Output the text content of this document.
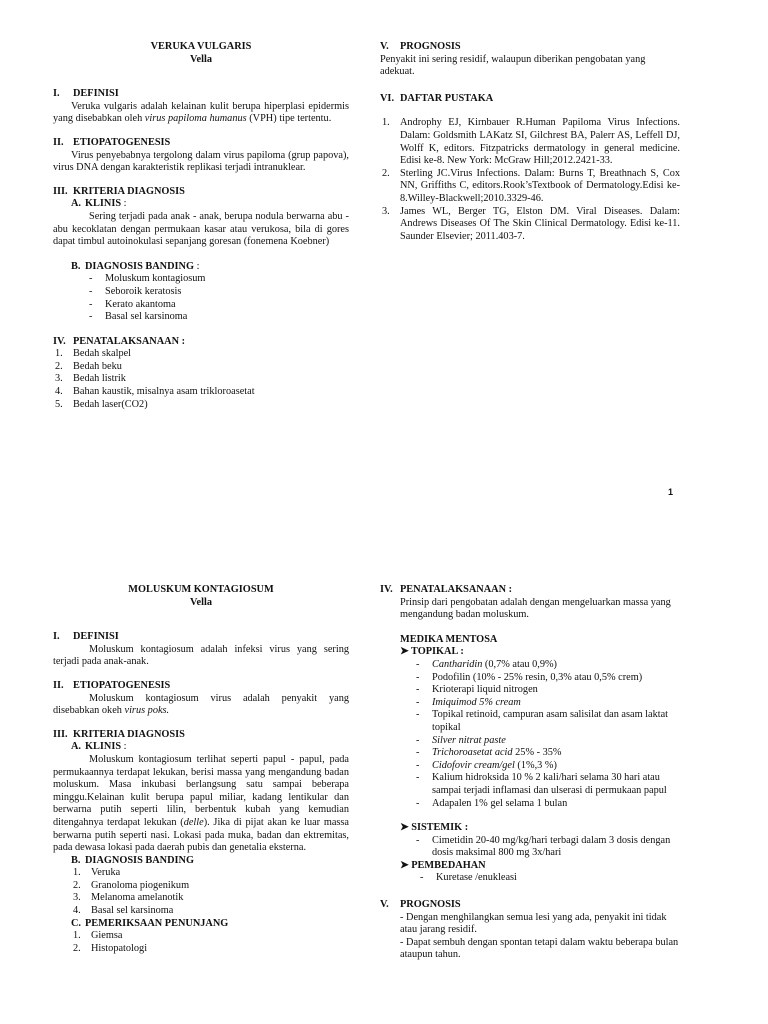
VERUKA VULGARIS
Vella
I. DEFINISI
Veruka vulgaris adalah kelainan kulit berupa hiperplasi epidermis yang disebabkan oleh virus papiloma humanus (VPH) tipe tertentu.
II. ETIOPATOGENESIS
Virus penyebabnya tergolong dalam virus papiloma (grup papova), virus DNA dengan karakteristik replikasi terjadi intranuklear.
III. KRITERIA DIAGNOSIS
A. KLINIS :
Sering terjadi pada anak - anak, berupa nodula berwarna abu - abu kecoklatan dengan permukaan kasar atau verukosa, bila di gores dapat timbul autoinokulasi sepanjang goresan (fonemena Koebner)
B. DIAGNOSIS BANDING :
- Moluskum kontagiosum
- Seboroik keratosis
- Kerato akantoma
- Basal sel karsinoma
IV. PENATALAKSANAAN :
1. Bedah skalpel
2. Bedah beku
3. Bedah listrik
4. Bahan kaustik, misalnya asam trikloroasetat
5. Bedah laser(CO2)
V. PROGNOSIS
Penyakit ini sering residif, walaupun diberikan pengobatan yang adekuat.
VI. DAFTAR PUSTAKA
1. Androphy EJ, Kirnbauer R.Human Papiloma Virus Infections. Dalam: Goldsmith LAKatz SI, Gilchrest BA, Palerr AS, Leffell DJ, Wolff K, editors. Fitzpatricks dermatology in general medicine. Edisi ke-8. New York: McGraw Hill;2012.2421-33.
2. Sterling JC.Virus Infections. Dalam: Burns T, Breathnach S, Cox NN, Griffiths C, editors.Rook’sTextbook of Dermatology.Edisi ke-8.Willey-Blackwell;2010.3329-46.
3. James WL, Berger TG, Elston DM. Viral Diseases. Dalam: Andrews Diseases Of The Skin Clinical Dermatology. Edisi ke-11. Saunder Elsevier; 2011.403-7.
1
MOLUSKUM KONTAGIOSUM
Vella
I. DEFINISI
Moluskum kontagiosum adalah infeksi virus yang sering terjadi pada anak-anak.
II. ETIOPATOGENESIS
Moluskum kontagiosum virus adalah penyakit yang disebabkan okeh virus poks.
III. KRITERIA DIAGNOSIS
A. KLINIS :
Moluskum kontagiosum terlihat seperti papul - papul, pada permukaannya terdapat lekukan, berisi massa yang mengandung badan moluskum. Masa inkubasi berlangsung satu sampai beberapa minggu.Kelainan kulit berupa papul miliar, kadang lentikular dan berwarna putih seperti lilin, berbentuk kubah yang kemudian ditengahnya terdapat lekukan (delle). Jika di pijat akan ke luar massa berwarna putih seperti nasi. Lokasi pada muka, badan dan ektremitas, pada dewasa lokasi pada daerah pubis dan genetalia eksterna.
B. DIAGNOSIS BANDING
1. Veruka
2. Granoloma piogenikum
3. Melanoma amelanotik
4. Basal sel karsinoma
C. PEMERIKSAAN PENUNJANG
1. Giemsa
2. Histopatologi
IV. PENATALAKSANAAN :
Prinsip dari pengobatan adalah dengan mengeluarkan massa yang mengandung badan moluskum.
MEDIKA MENTOSA
➤ TOPIKAL :
- Cantharidin (0,7% atau 0,9%)
- Podofilin (10% - 25% resin, 0,3% atau 0,5% crem)
- Krioterapi liquid nitrogen
- Imiquimod 5% cream
- Topikal retinoid, campuran asam salisilat dan asam laktat topikal
- Silver nitrat paste
- Trichoroasetat acid 25% - 35%
- Cidofovir cream/gel (1%,3 %)
- Kalium hidroksida 10 % 2 kali/hari selama 30 hari atau sampai terjadi inflamasi dan ulserasi di permukaan papul
- Adapalen 1% gel selama 1 bulan
➤ SISTEMIK :
- Cimetidin 20-40 mg/kg/hari terbagi dalam 3 dosis dengan dosis maksimal 800 mg 3x/hari
➤ PEMBEDAHAN
- Kuretase /enukleasi
V. PROGNOSIS
- Dengan menghilangkan semua lesi yang ada, penyakit ini tidak atau jarang residif.
- Dapat sembuh dengan spontan tetapi dalam waktu beberapa bulan ataupun tahun.
